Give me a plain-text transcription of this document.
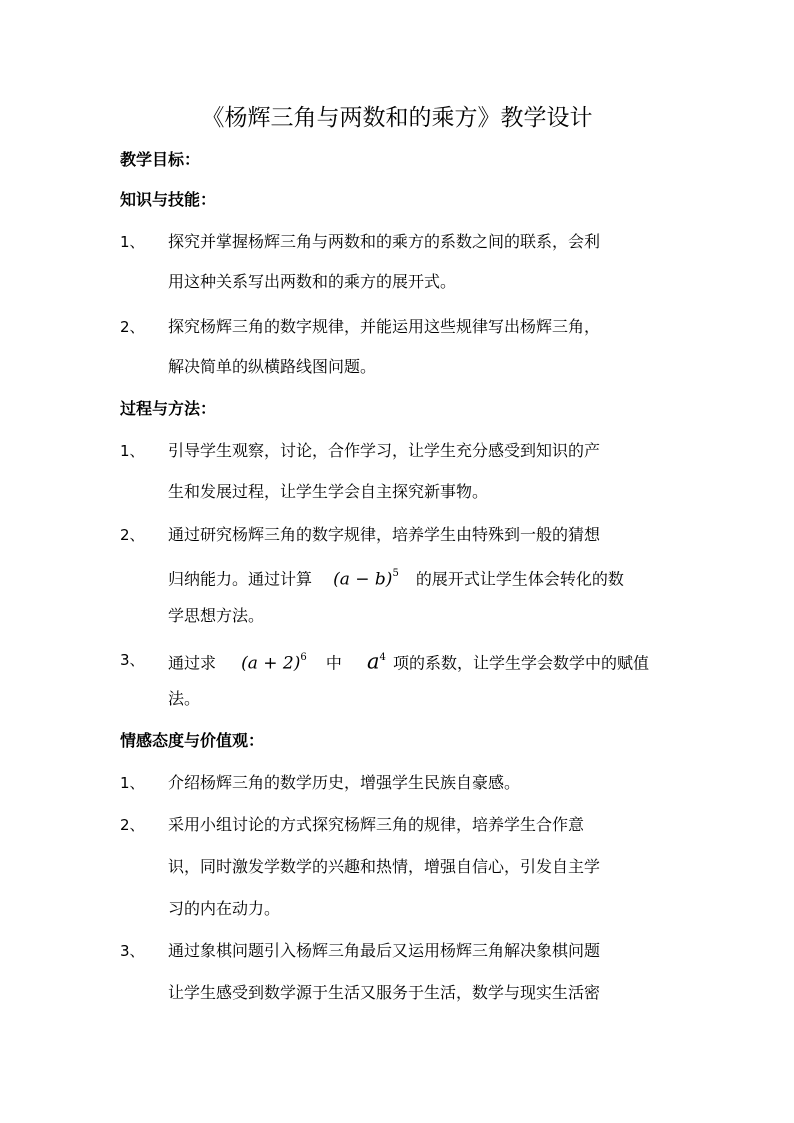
《杨辉三角与两数和的乘方》教学设计
教学目标：
知识与技能：
1、 探究并掌握杨辉三角与两数和的乘方的系数之间的联系，会利
用这种关系写出两数和的乘方的展开式。
2、 探究杨辉三角的数字规律，并能运用这些规律写出杨辉三角，
解决简单的纵横路线图问题。
过程与方法：
1、 引导学生观察，讨论，合作学习，让学生充分感受到知识的产
生和发展过程，让学生学会自主探究新事物。
2、 通过研究杨辉三角的数字规律，培养学生由特殊到一般的猜想
归纳能力。通过计算 $(a - b)^5$ 的展开式让学生体会转化的数
学思想方法。
3、 通过求 $(a + 2)^6$ 中 $a^4$ 项的系数，让学生学会数学中的赋值
法。
情感态度与价值观：
1、 介绍杨辉三角的数学历史，增强学生民族自豪感。
2、 采用小组讨论的方式探究杨辉三角的规律，培养学生合作意
识，同时激发学数学的兴趣和热情，增强自信心，引发自主学
习的内在动力。
3、 通过象棋问题引入杨辉三角最后又运用杨辉三角解决象棋问题
让学生感受到数学源于生活又服务于生活，数学与现实生活密
